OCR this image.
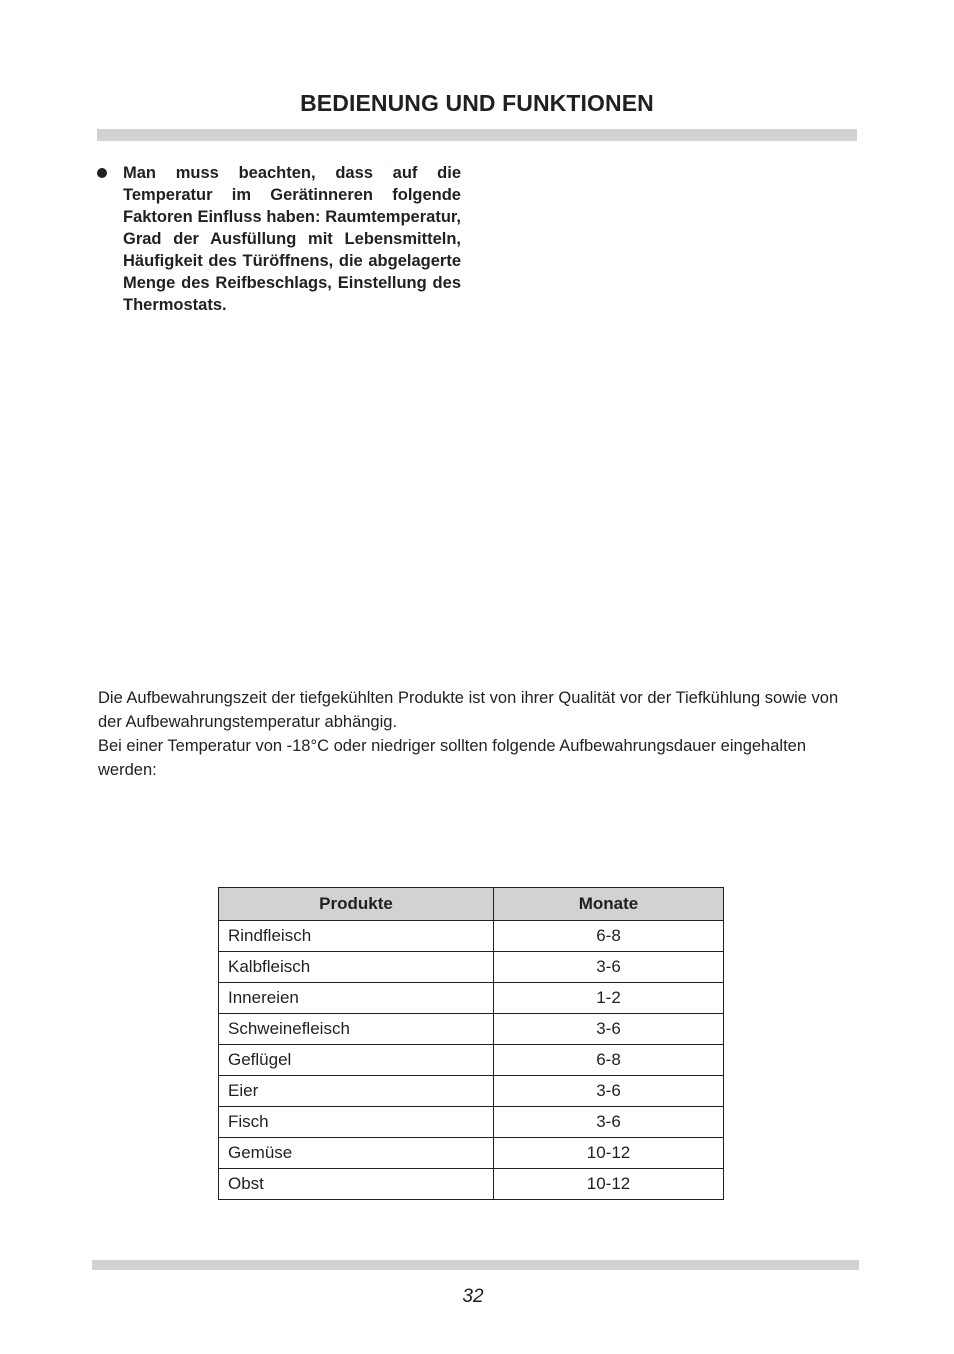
BEDIENUNG UND FUNKTIONEN

Man muss beachten, dass auf die Temperatur im Gerätinneren folgende Faktoren Einfluss haben: Raumtemperatur, Grad der Ausfüllung mit Lebensmitteln, Häufigkeit des Türöffnens, die abgelagerte Menge des Reifbeschlags, Einstellung des Thermostats.

Die Aufbewahrungszeit der tiefgekühlten Produkte ist von ihrer Qualität vor der Tiefkühlung sowie von der Aufbewahrungstemperatur abhängig.

Bei einer Temperatur von -18°C oder niedriger sollten folgende Aufbewahrungsdauer eingehalten werden:

Produkte	Monate
Rindfleisch	6-8
Kalbfleisch	3-6
Innereien	1-2
Schweinefleisch	3-6
Geflügel	6-8
Eier	3-6
Fisch	3-6
Gemüse	10-12
Obst	10-12
32
